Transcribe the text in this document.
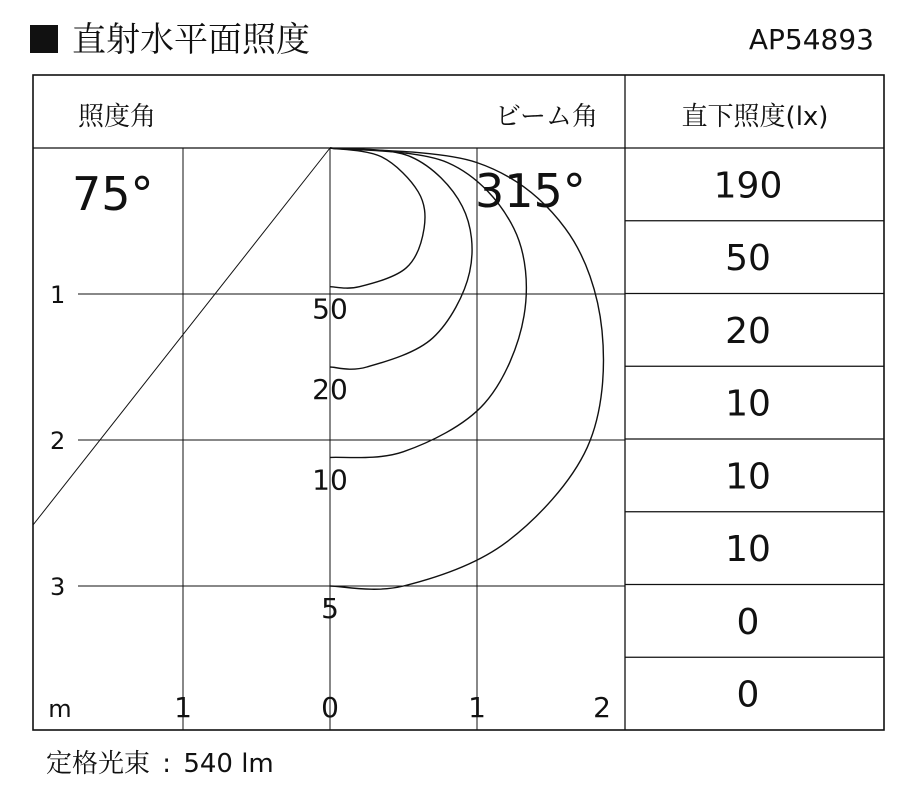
直射水平面照度	AP54893
照度角	ビーム角	直下照度(lx)
75°	315°
1
2
3
50
20
10
5
m	1	0	1	2
190
50
20
10
10
10
0
0
定格光束 : 540 lm
